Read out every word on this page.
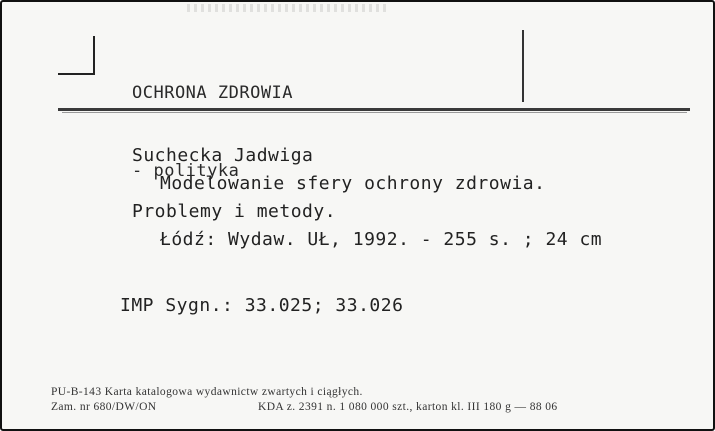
OCHRONA ZDROWIA

- polityka

Suchecka Jadwiga
Modelowanie sfery ochrony zdrowia.
Problemy i metody.
Łódź: Wydaw. UŁ, 1992. - 255 s. ; 24 cm
IMP Sygn.: 33.025; 33.026
PU-B-143 Karta katalogowa wydawnictw zwartych i ciągłych.
Zam. nr 680/DW/ON	KDA z. 2391 n. 1 080 000 szt., karton kl. III 180 g — 88 06
